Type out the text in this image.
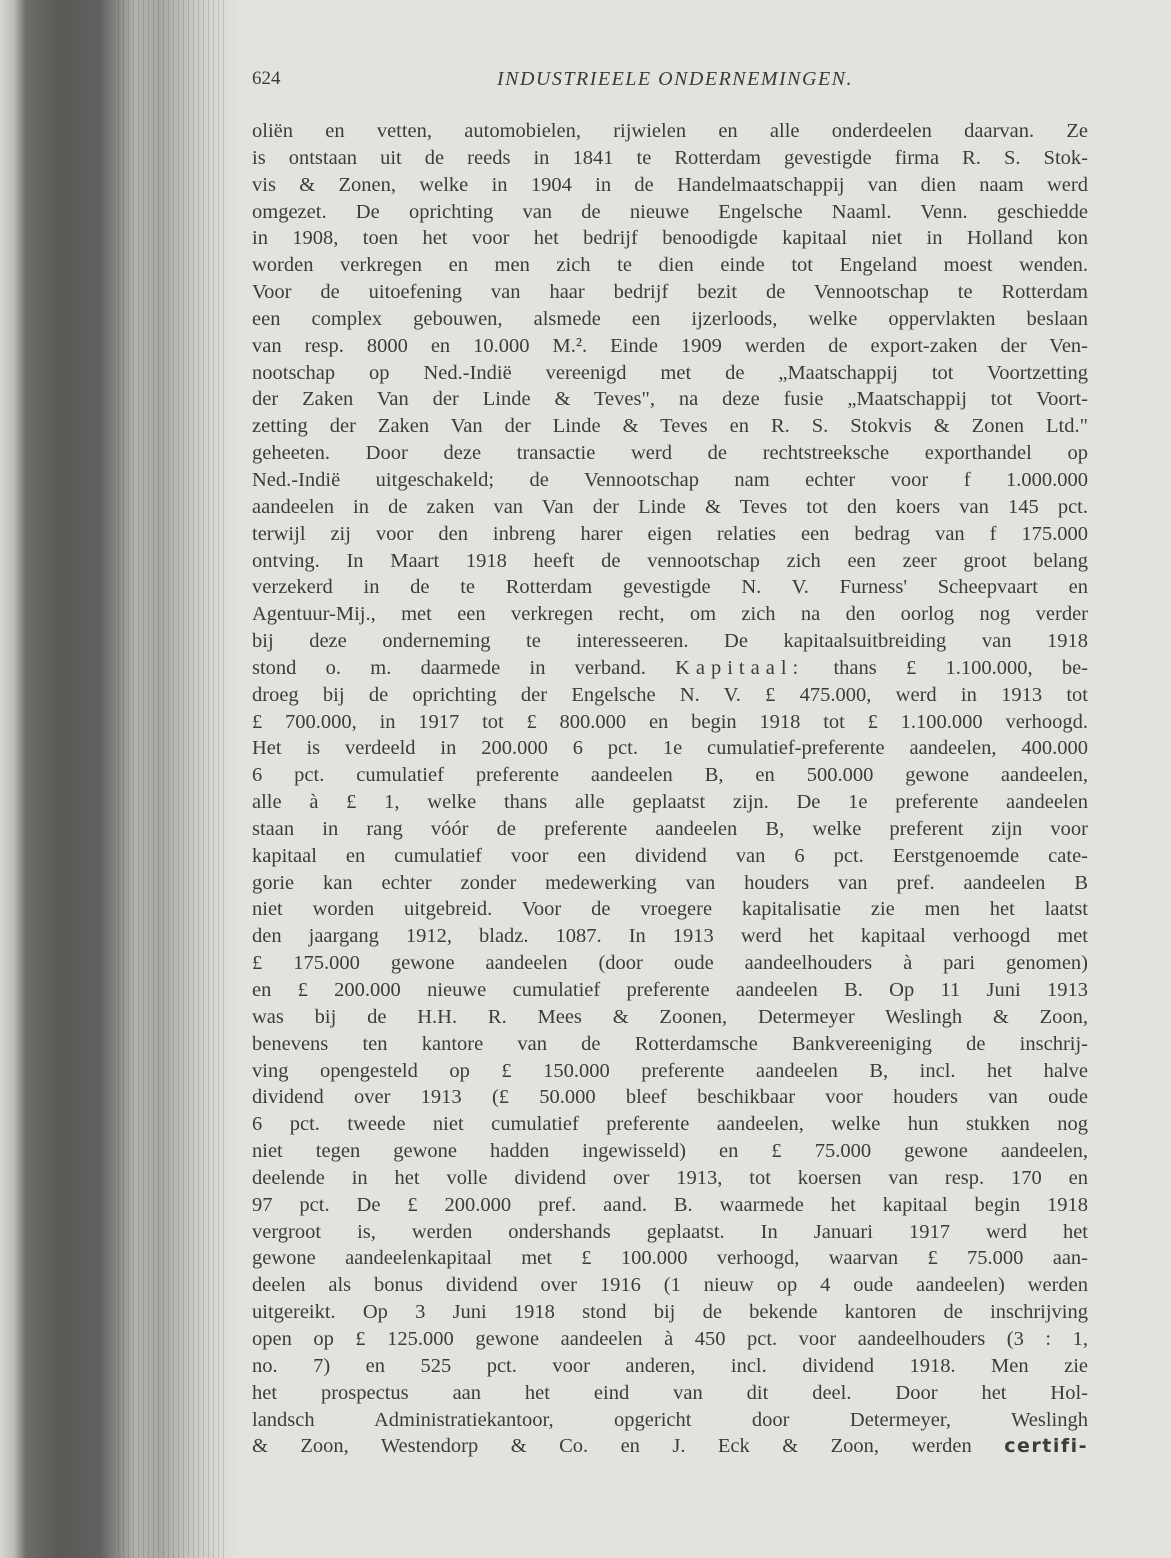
624	INDUSTRIEELE ONDERNEMINGEN.
oliën en vetten, automobielen, rijwielen en alle onderdeelen daarvan. Ze
is ontstaan uit de reeds in 1841 te Rotterdam gevestigde firma R. S. Stok-
vis & Zonen, welke in 1904 in de Handelmaatschappij van dien naam werd
omgezet. De oprichting van de nieuwe Engelsche Naaml. Venn. geschiedde
in 1908, toen het voor het bedrijf benoodigde kapitaal niet in Holland kon
worden verkregen en men zich te dien einde tot Engeland moest wenden.
Voor de uitoefening van haar bedrijf bezit de Vennootschap te Rotterdam
een complex gebouwen, alsmede een ijzerloods, welke oppervlakten beslaan
van resp. 8000 en 10.000 M.². Einde 1909 werden de export-zaken der Ven-
nootschap op Ned.-Indië vereenigd met de „Maatschappij tot Voortzetting
der Zaken Van der Linde & Teves", na deze fusie „Maatschappij tot Voort-
zetting der Zaken Van der Linde & Teves en R. S. Stokvis & Zonen Ltd."
geheeten. Door deze transactie werd de rechtstreeksche exporthandel op
Ned.-Indië uitgeschakeld; de Vennootschap nam echter voor f 1.000.000
aandeelen in de zaken van Van der Linde & Teves tot den koers van 145 pct.
terwijl zij voor den inbreng harer eigen relaties een bedrag van f 175.000
ontving. In Maart 1918 heeft de vennootschap zich een zeer groot belang
verzekerd in de te Rotterdam gevestigde N. V. Furness' Scheepvaart en
Agentuur-Mij., met een verkregen recht, om zich na den oorlog nog verder
bij deze onderneming te interesseeren. De kapitaalsuitbreiding van 1918
stond o. m. daarmede in verband. Kapitaal: thans £ 1.100.000, be-
droeg bij de oprichting der Engelsche N. V. £ 475.000, werd in 1913 tot
£ 700.000, in 1917 tot £ 800.000 en begin 1918 tot £ 1.100.000 verhoogd.
Het is verdeeld in 200.000 6 pct. 1e cumulatief-preferente aandeelen, 400.000
6 pct. cumulatief preferente aandeelen B, en 500.000 gewone aandeelen,
alle à £ 1, welke thans alle geplaatst zijn. De 1e preferente aandeelen
staan in rang vóór de preferente aandeelen B, welke preferent zijn voor
kapitaal en cumulatief voor een dividend van 6 pct. Eerstgenoemde cate-
gorie kan echter zonder medewerking van houders van pref. aandeelen B
niet worden uitgebreid. Voor de vroegere kapitalisatie zie men het laatst
den jaargang 1912, bladz. 1087. In 1913 werd het kapitaal verhoogd met
£ 175.000 gewone aandeelen (door oude aandeelhouders à pari genomen)
en £ 200.000 nieuwe cumulatief preferente aandeelen B. Op 11 Juni 1913
was bij de H.H. R. Mees & Zoonen, Determeyer Weslingh & Zoon,
benevens ten kantore van de Rotterdamsche Bankvereeniging de inschrij-
ving opengesteld op £ 150.000 preferente aandeelen B, incl. het halve
dividend over 1913 (£ 50.000 bleef beschikbaar voor houders van oude
6 pct. tweede niet cumulatief preferente aandeelen, welke hun stukken nog
niet tegen gewone hadden ingewisseld) en £ 75.000 gewone aandeelen,
deelende in het volle dividend over 1913, tot koersen van resp. 170 en
97 pct. De £ 200.000 pref. aand. B. waarmede het kapitaal begin 1918
vergroot is, werden ondershands geplaatst. In Januari 1917 werd het
gewone aandeelenkapitaal met £ 100.000 verhoogd, waarvan £ 75.000 aan-
deelen als bonus dividend over 1916 (1 nieuw op 4 oude aandeelen) werden
uitgereikt. Op 3 Juni 1918 stond bij de bekende kantoren de inschrijving
open op £ 125.000 gewone aandeelen à 450 pct. voor aandeelhouders (3 : 1,
no. 7) en 525 pct. voor anderen, incl. dividend 1918. Men zie
het prospectus aan het eind van dit deel. Door het Hol-
landsch Administratiekantoor, opgericht door Determeyer, Weslingh
& Zoon, Westendorp & Co. en J. Eck & Zoon, werden certifi-
